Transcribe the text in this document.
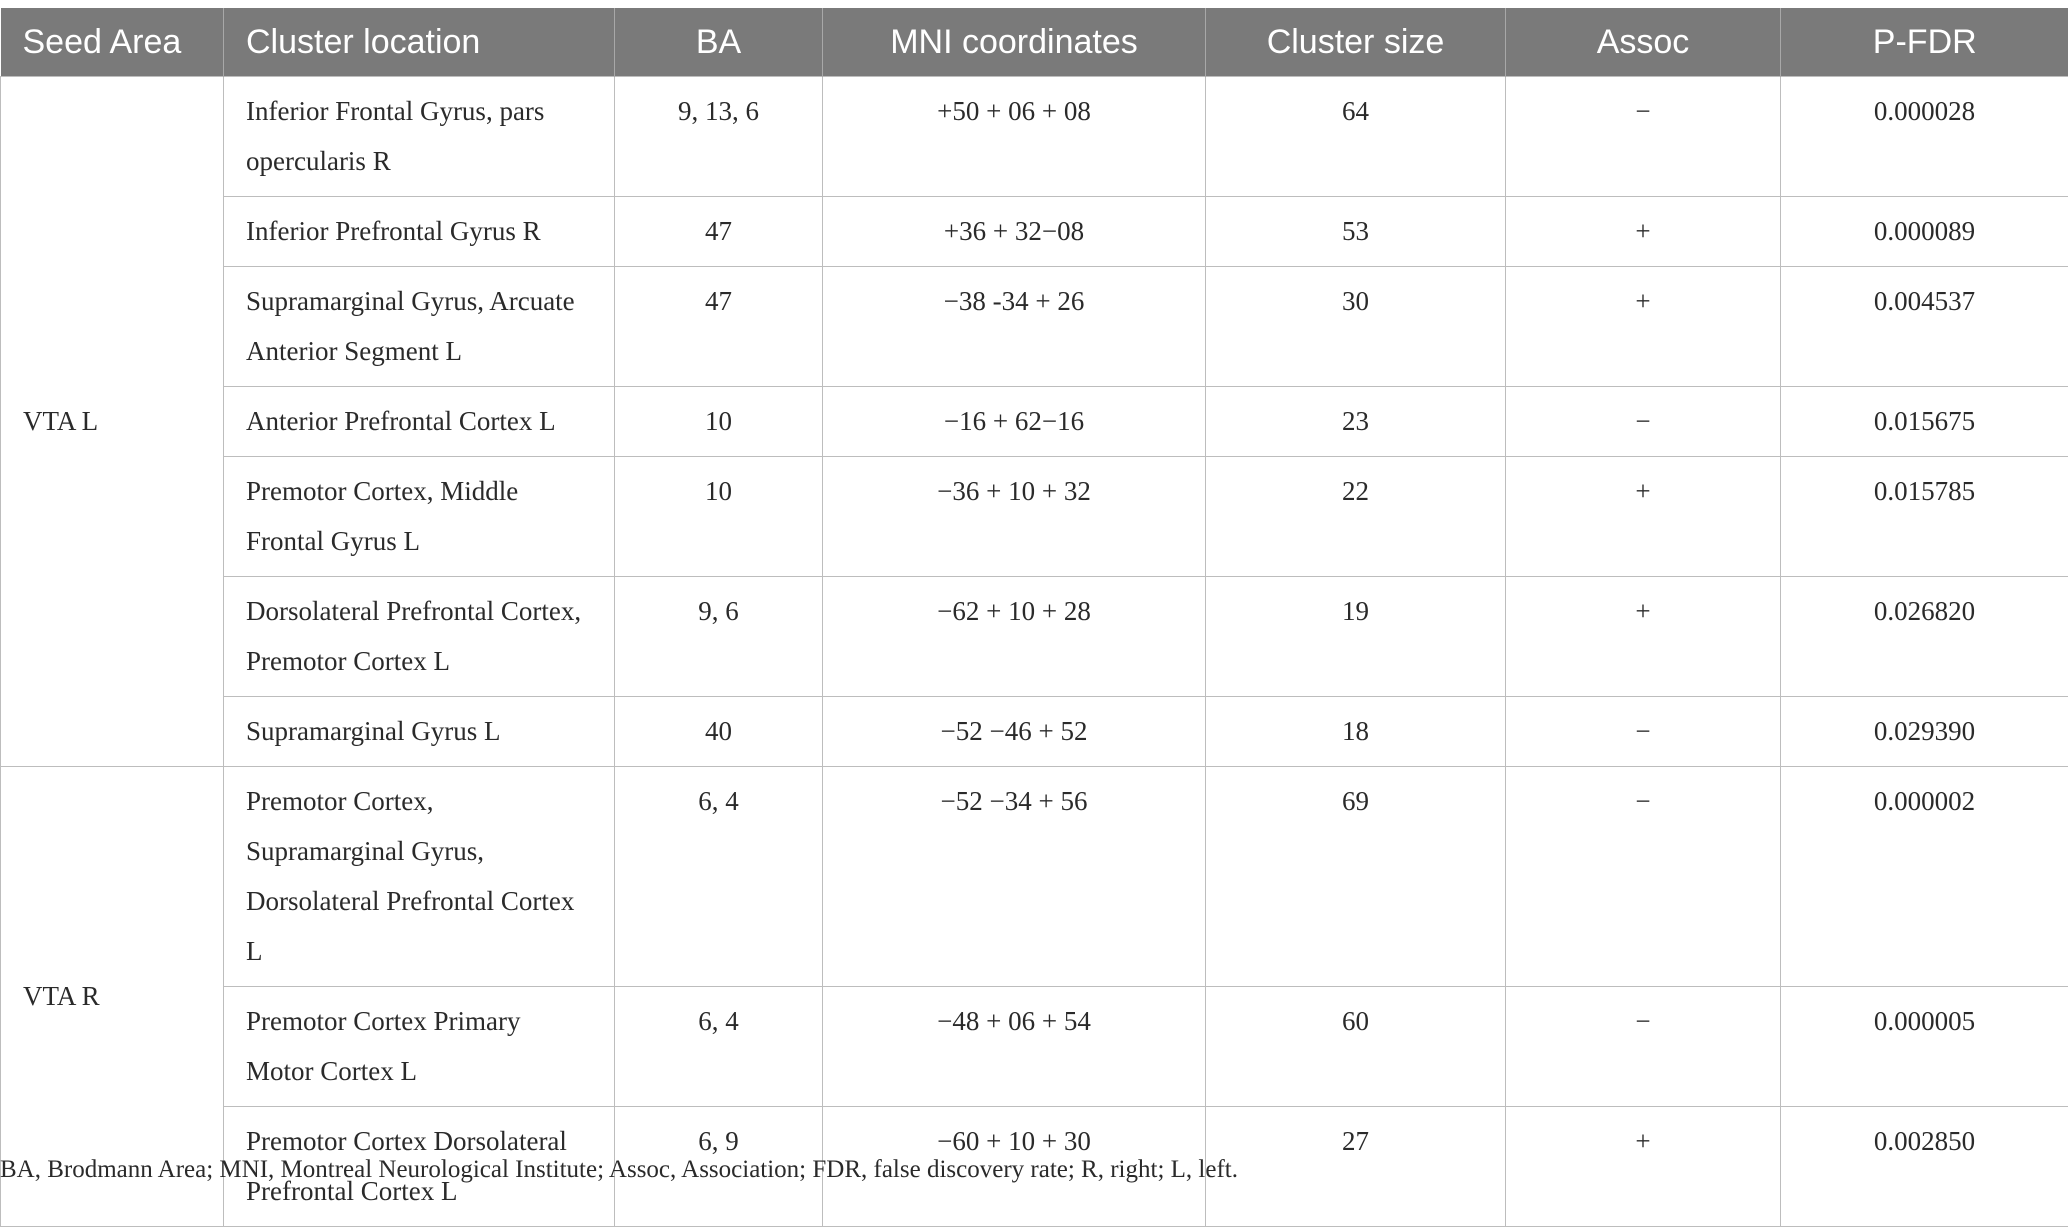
Seed Area	Cluster location	BA	MNI coordinates	Cluster size	Assoc	P-FDR
VTA L	Inferior Frontal Gyrus, pars opercularis R	9, 13, 6	+50 + 06 + 08	64	−	0.000028
	Inferior Prefrontal Gyrus R	47	+36 + 32−08	53	+	0.000089
	Supramarginal Gyrus, Arcuate Anterior Segment L	47	−38 -34 + 26	30	+	0.004537
	Anterior Prefrontal Cortex L	10	−16 + 62−16	23	−	0.015675
	Premotor Cortex, Middle Frontal Gyrus L	10	−36 + 10 + 32	22	+	0.015785
	Dorsolateral Prefrontal Cortex, Premotor Cortex L	9, 6	−62 + 10 + 28	19	+	0.026820
	Supramarginal Gyrus L	40	−52 −46 + 52	18	−	0.029390
VTA R	Premotor Cortex, Supramarginal Gyrus, Dorsolateral Prefrontal Cortex L	6, 4	−52 −34 + 56	69	−	0.000002
	Premotor Cortex Primary Motor Cortex L	6, 4	−48 + 06 + 54	60	−	0.000005
	Premotor Cortex Dorsolateral Prefrontal Cortex L	6, 9	−60 + 10 + 30	27	+	0.002850
BA, Brodmann Area; MNI, Montreal Neurological Institute; Assoc, Association; FDR, false discovery rate; R, right; L, left.
